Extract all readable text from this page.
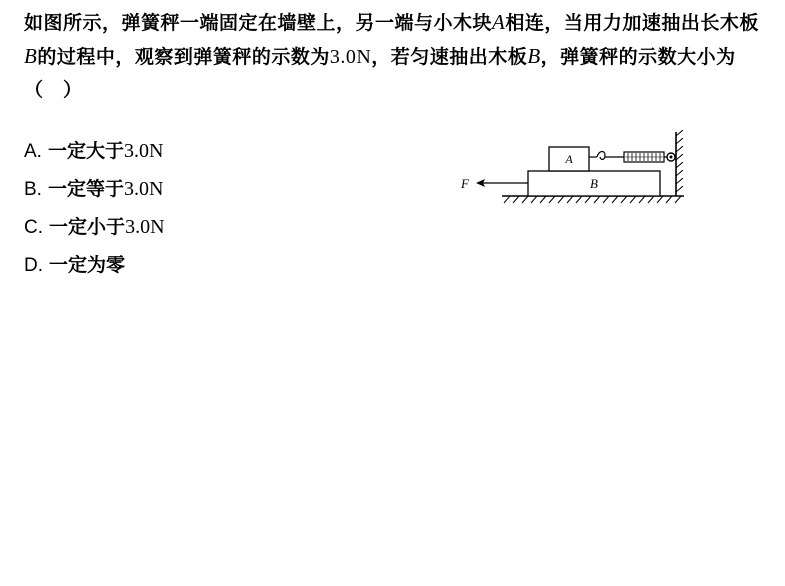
如图所示，弹簧秤一端固定在墙壁上，另一端与小木块A相连，当用力加速抽出长木板B的过程中，观察到弹簧秤的示数为3.0N，若匀速抽出木板B，弹簧秤的示数大小为（　）
A. 一定大于3.0N
B. 一定等于3.0N
C. 一定小于3.0N
D. 一定为零
B
A
F
